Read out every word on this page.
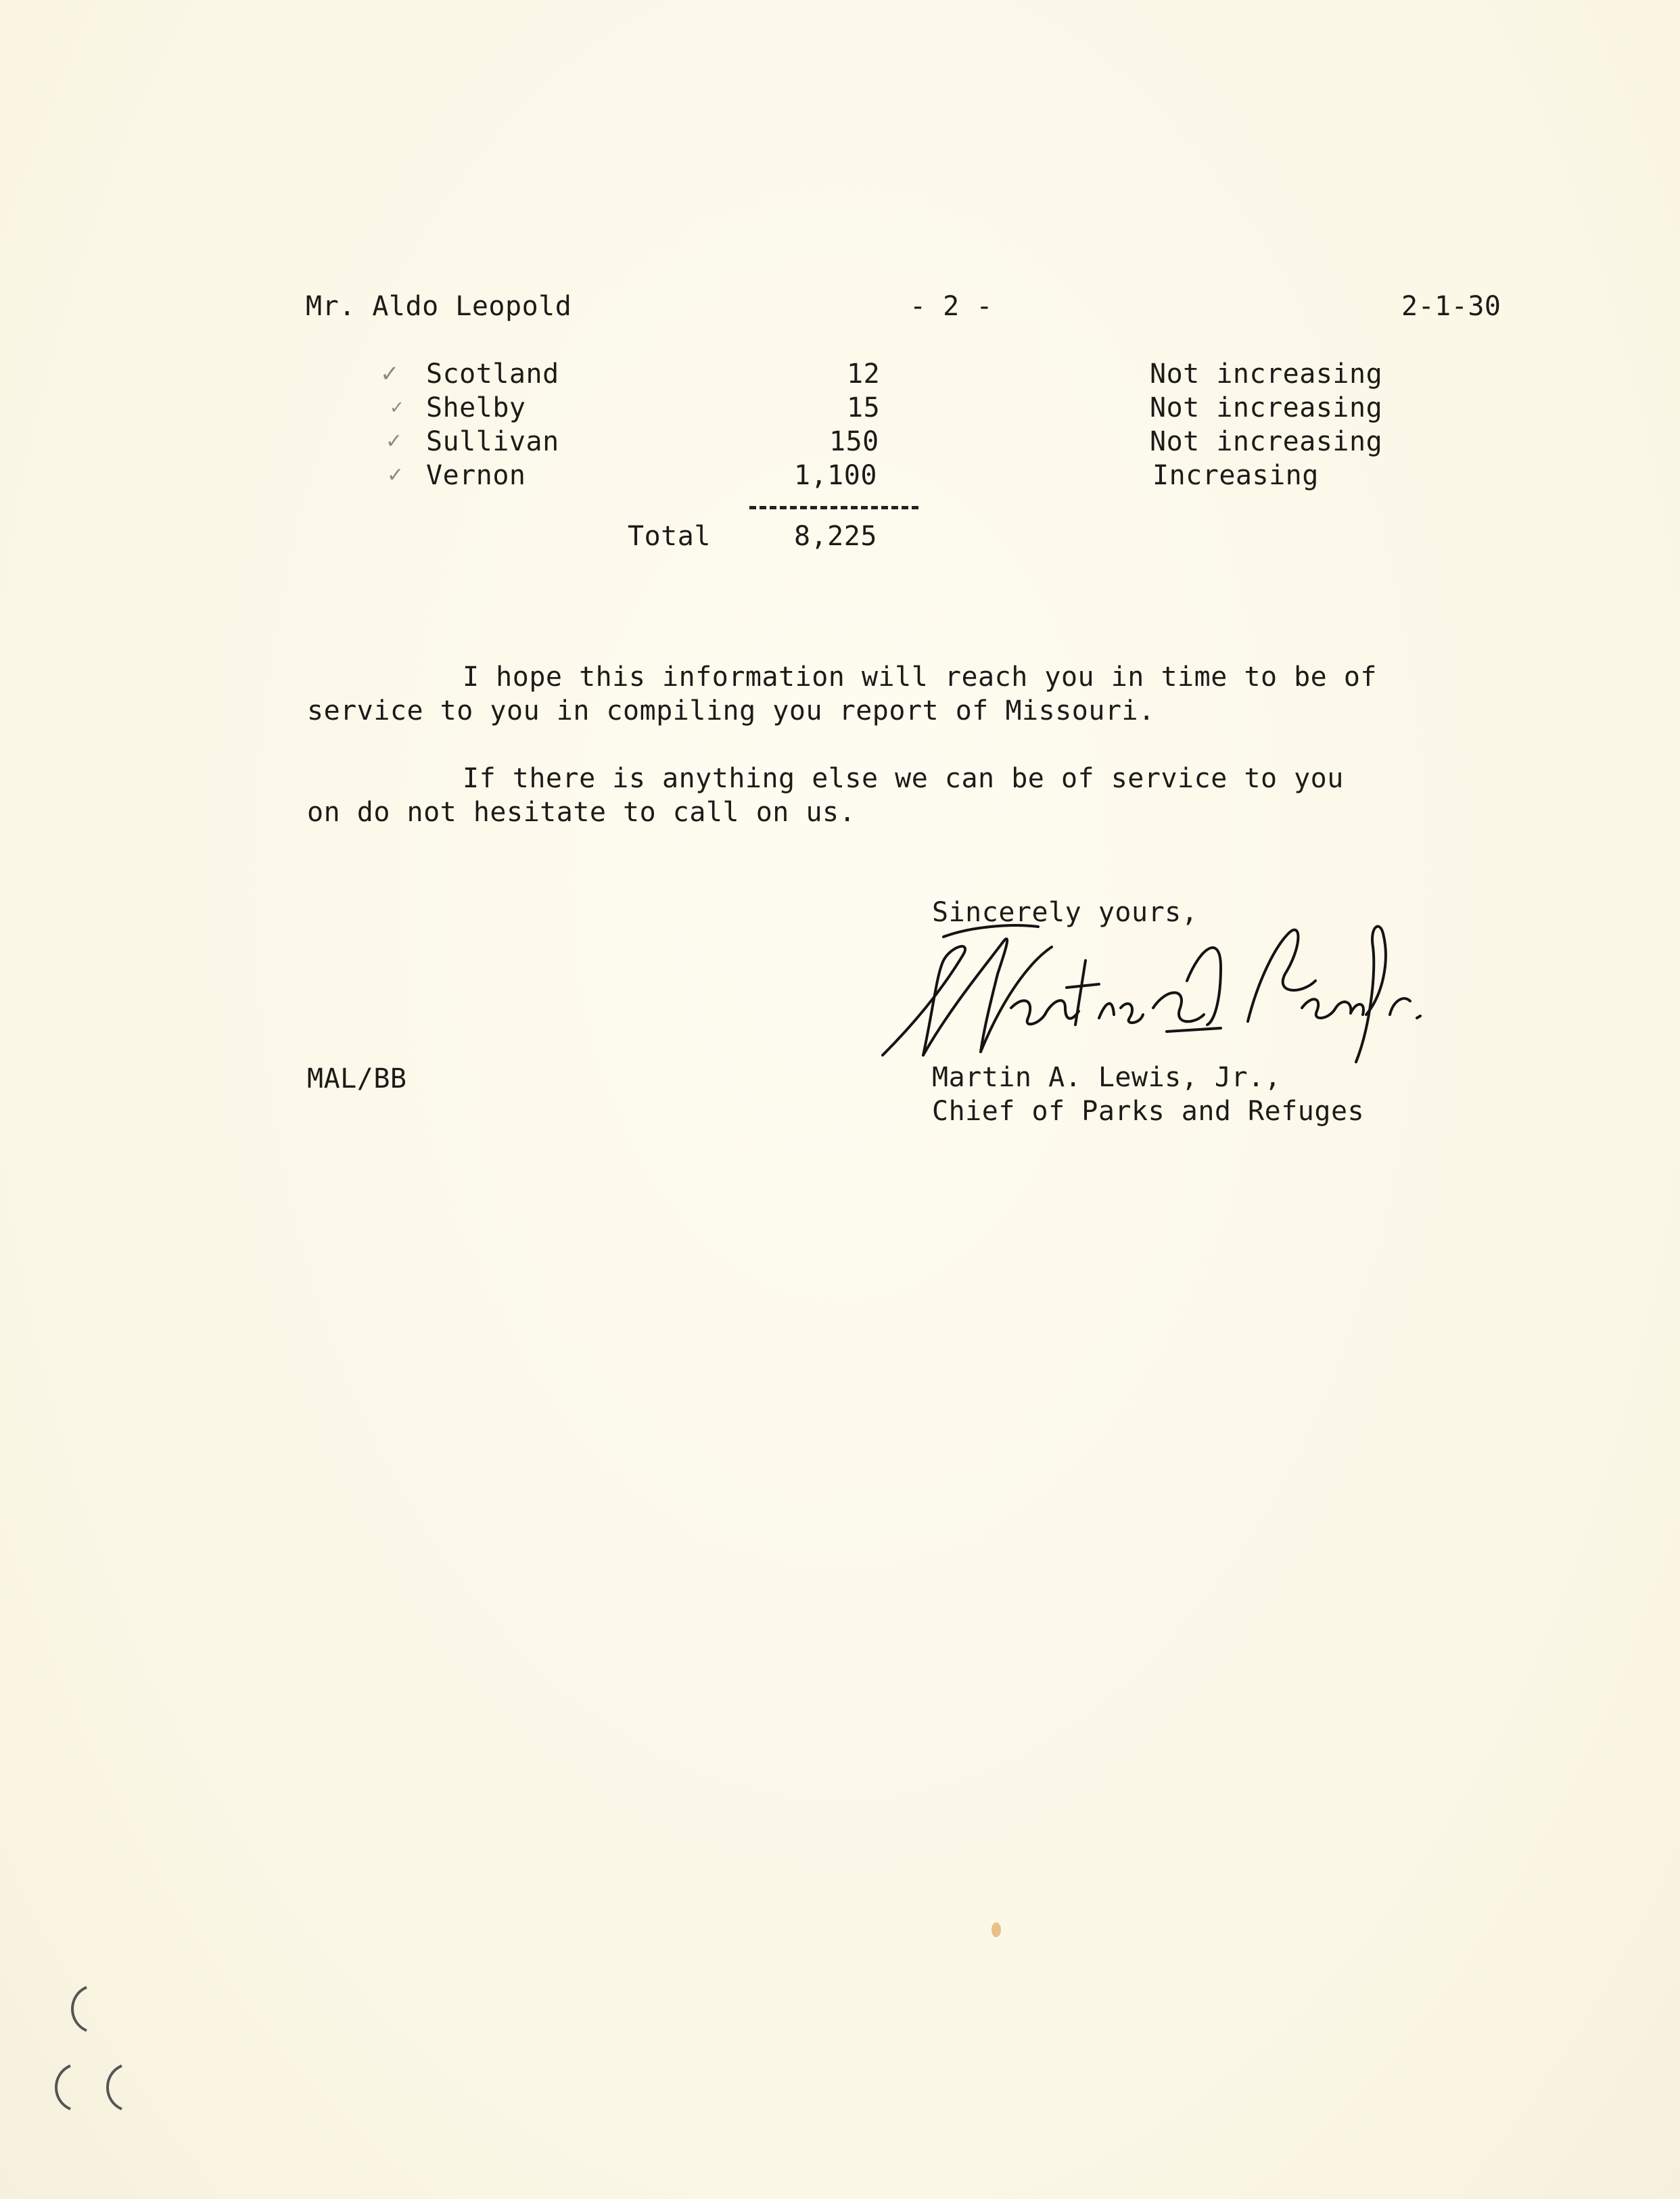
Mr. Aldo Leopold	- 2 -	2-1-30
✓ Scotland	12	Not increasing
✓ Shelby	15	Not increasing
✓ Sullivan	150	Not increasing
✓ Vernon	1,100	Increasing
Total	8,225
I hope this information will reach you in time to be of
service to you in compiling you report of Missouri.
If there is anything else we can be of service to you
on do not hesitate to call on us.
Sincerely yours,
Martin A. Lewis, Jr.,
Chief of Parks and Refuges
MAL/BB
